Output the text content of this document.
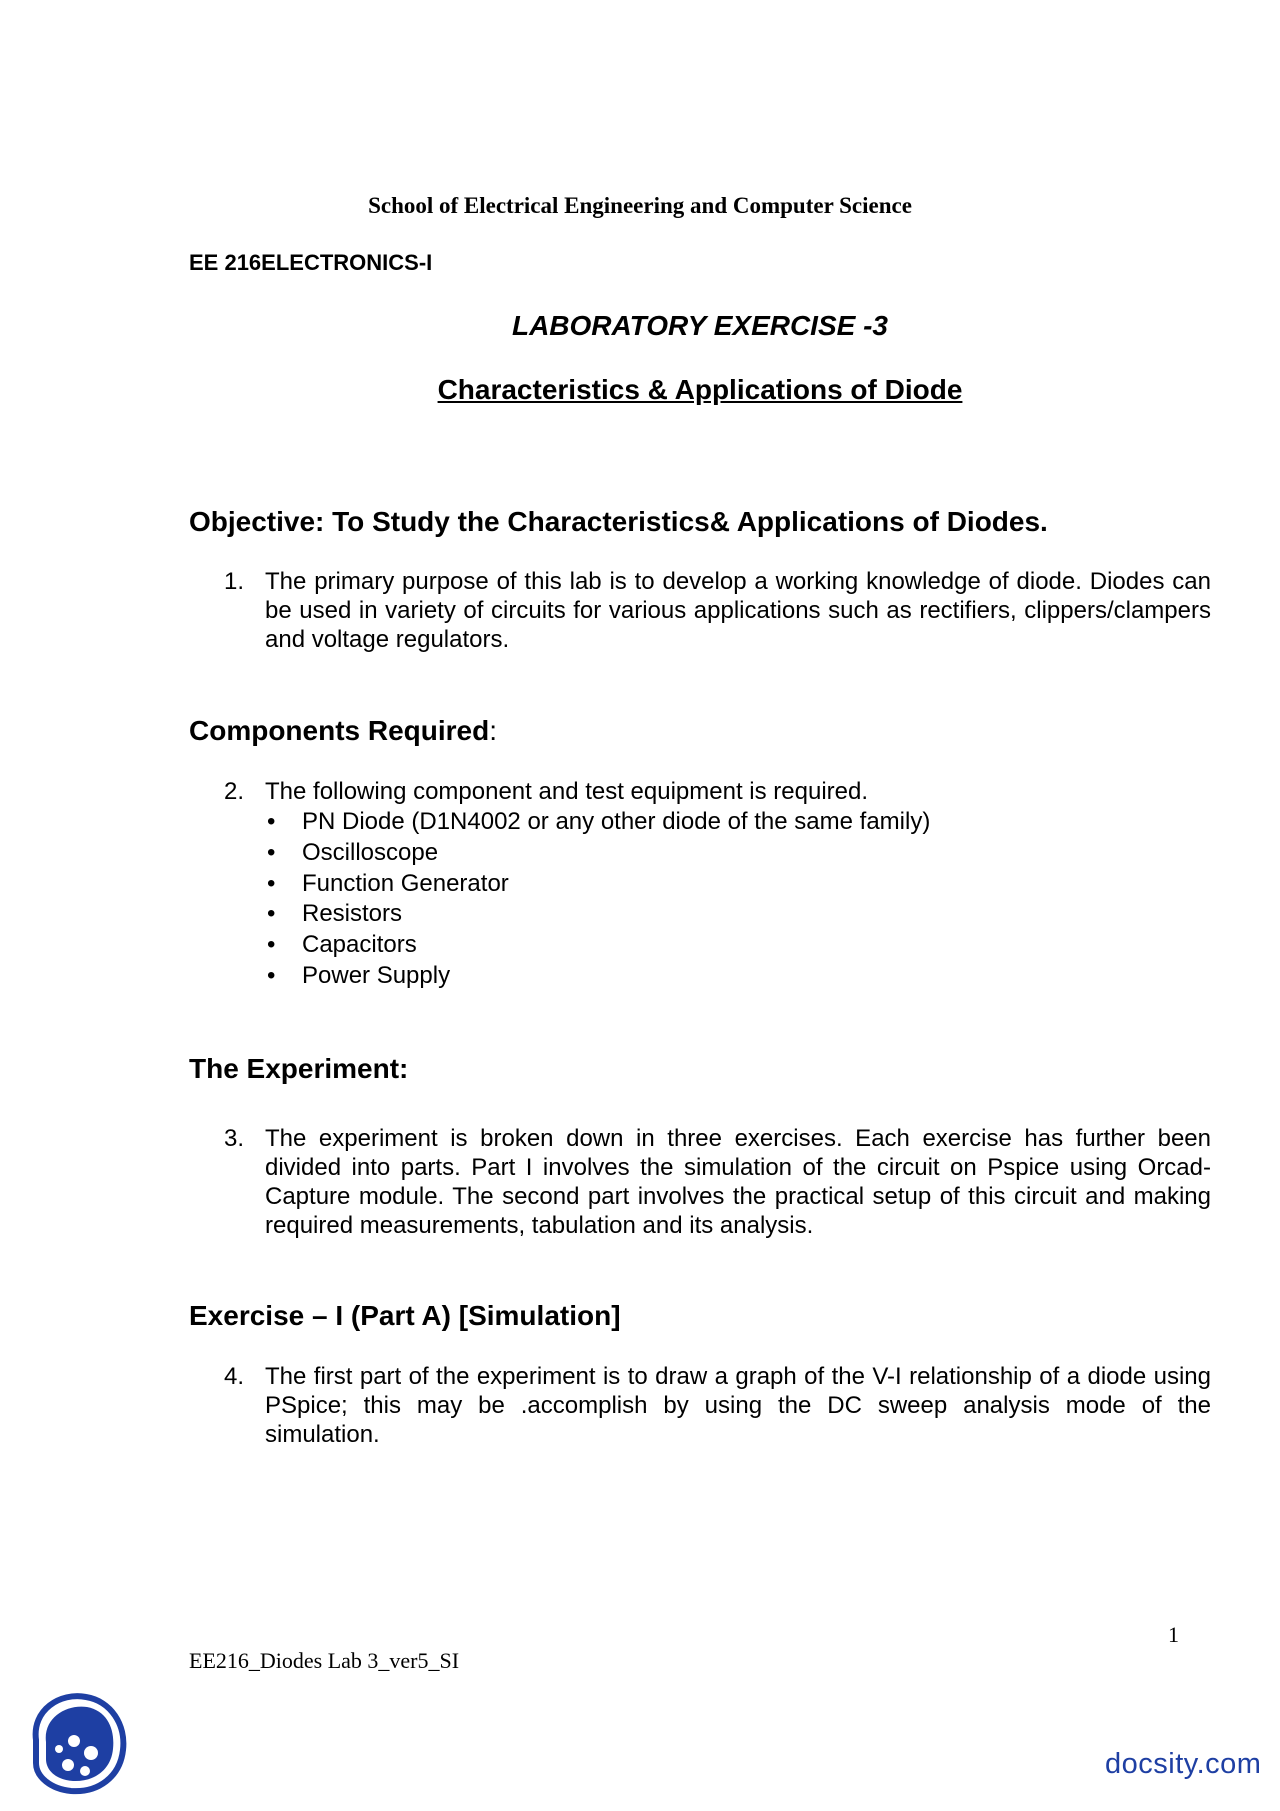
School of Electrical Engineering and Computer Science
EE 216ELECTRONICS-I
LABORATORY EXERCISE -3
Characteristics & Applications of Diode
Objective: To Study the Characteristics& Applications of Diodes.
1. The primary purpose of this lab is to develop a working knowledge of diode. Diodes can be used in variety of circuits for various applications such as rectifiers, clippers/clampers and voltage regulators.
Components Required:
2. The following component and test equipment is required.
• PN Diode (D1N4002 or any other diode of the same family)
• Oscilloscope
• Function Generator
• Resistors
• Capacitors
• Power Supply
The Experiment:
3. The experiment is broken down in three exercises. Each exercise has further been divided into parts. Part I involves the simulation of the circuit on Pspice using Orcad-Capture module. The second part involves the practical setup of this circuit and making required measurements, tabulation and its analysis.
Exercise – I (Part A) [Simulation]
4. The first part of the experiment is to draw a graph of the V-I relationship of a diode using PSpice; this may be .accomplish by using the DC sweep analysis mode of the simulation.
1
EE216_Diodes Lab 3_ver5_SI
docsity.com
